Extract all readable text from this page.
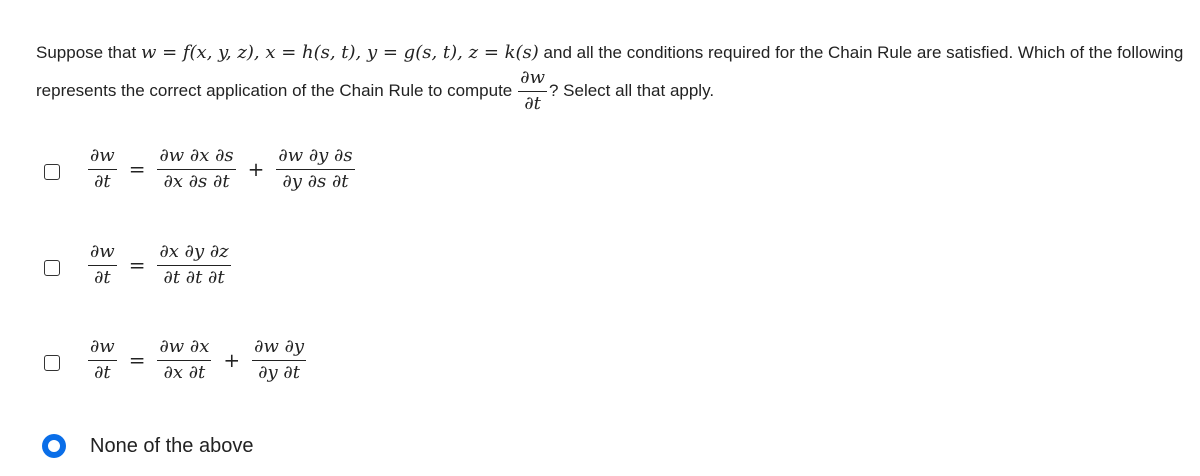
Suppose that w = f(x, y, z), x = h(s, t), y = g(s, t), z = k(s) and all the conditions required for the Chain Rule are satisfied. Which of the following
represents the correct application of the Chain Rule to compute $\frac{\partial w}{\partial t}$ ? Select all that apply.
$\frac{\partial w}{\partial t} = \frac{\partial w \partial x \partial s}{\partial x \partial s \partial t} + \frac{\partial w \partial y \partial s}{\partial y \partial s \partial t}$
$\frac{\partial w}{\partial t} = \frac{\partial x \partial y \partial z}{\partial t \partial t \partial t}$
$\frac{\partial w}{\partial t} = \frac{\partial w \partial x}{\partial x \partial t} + \frac{\partial w \partial y}{\partial y \partial t}$
None of the above
